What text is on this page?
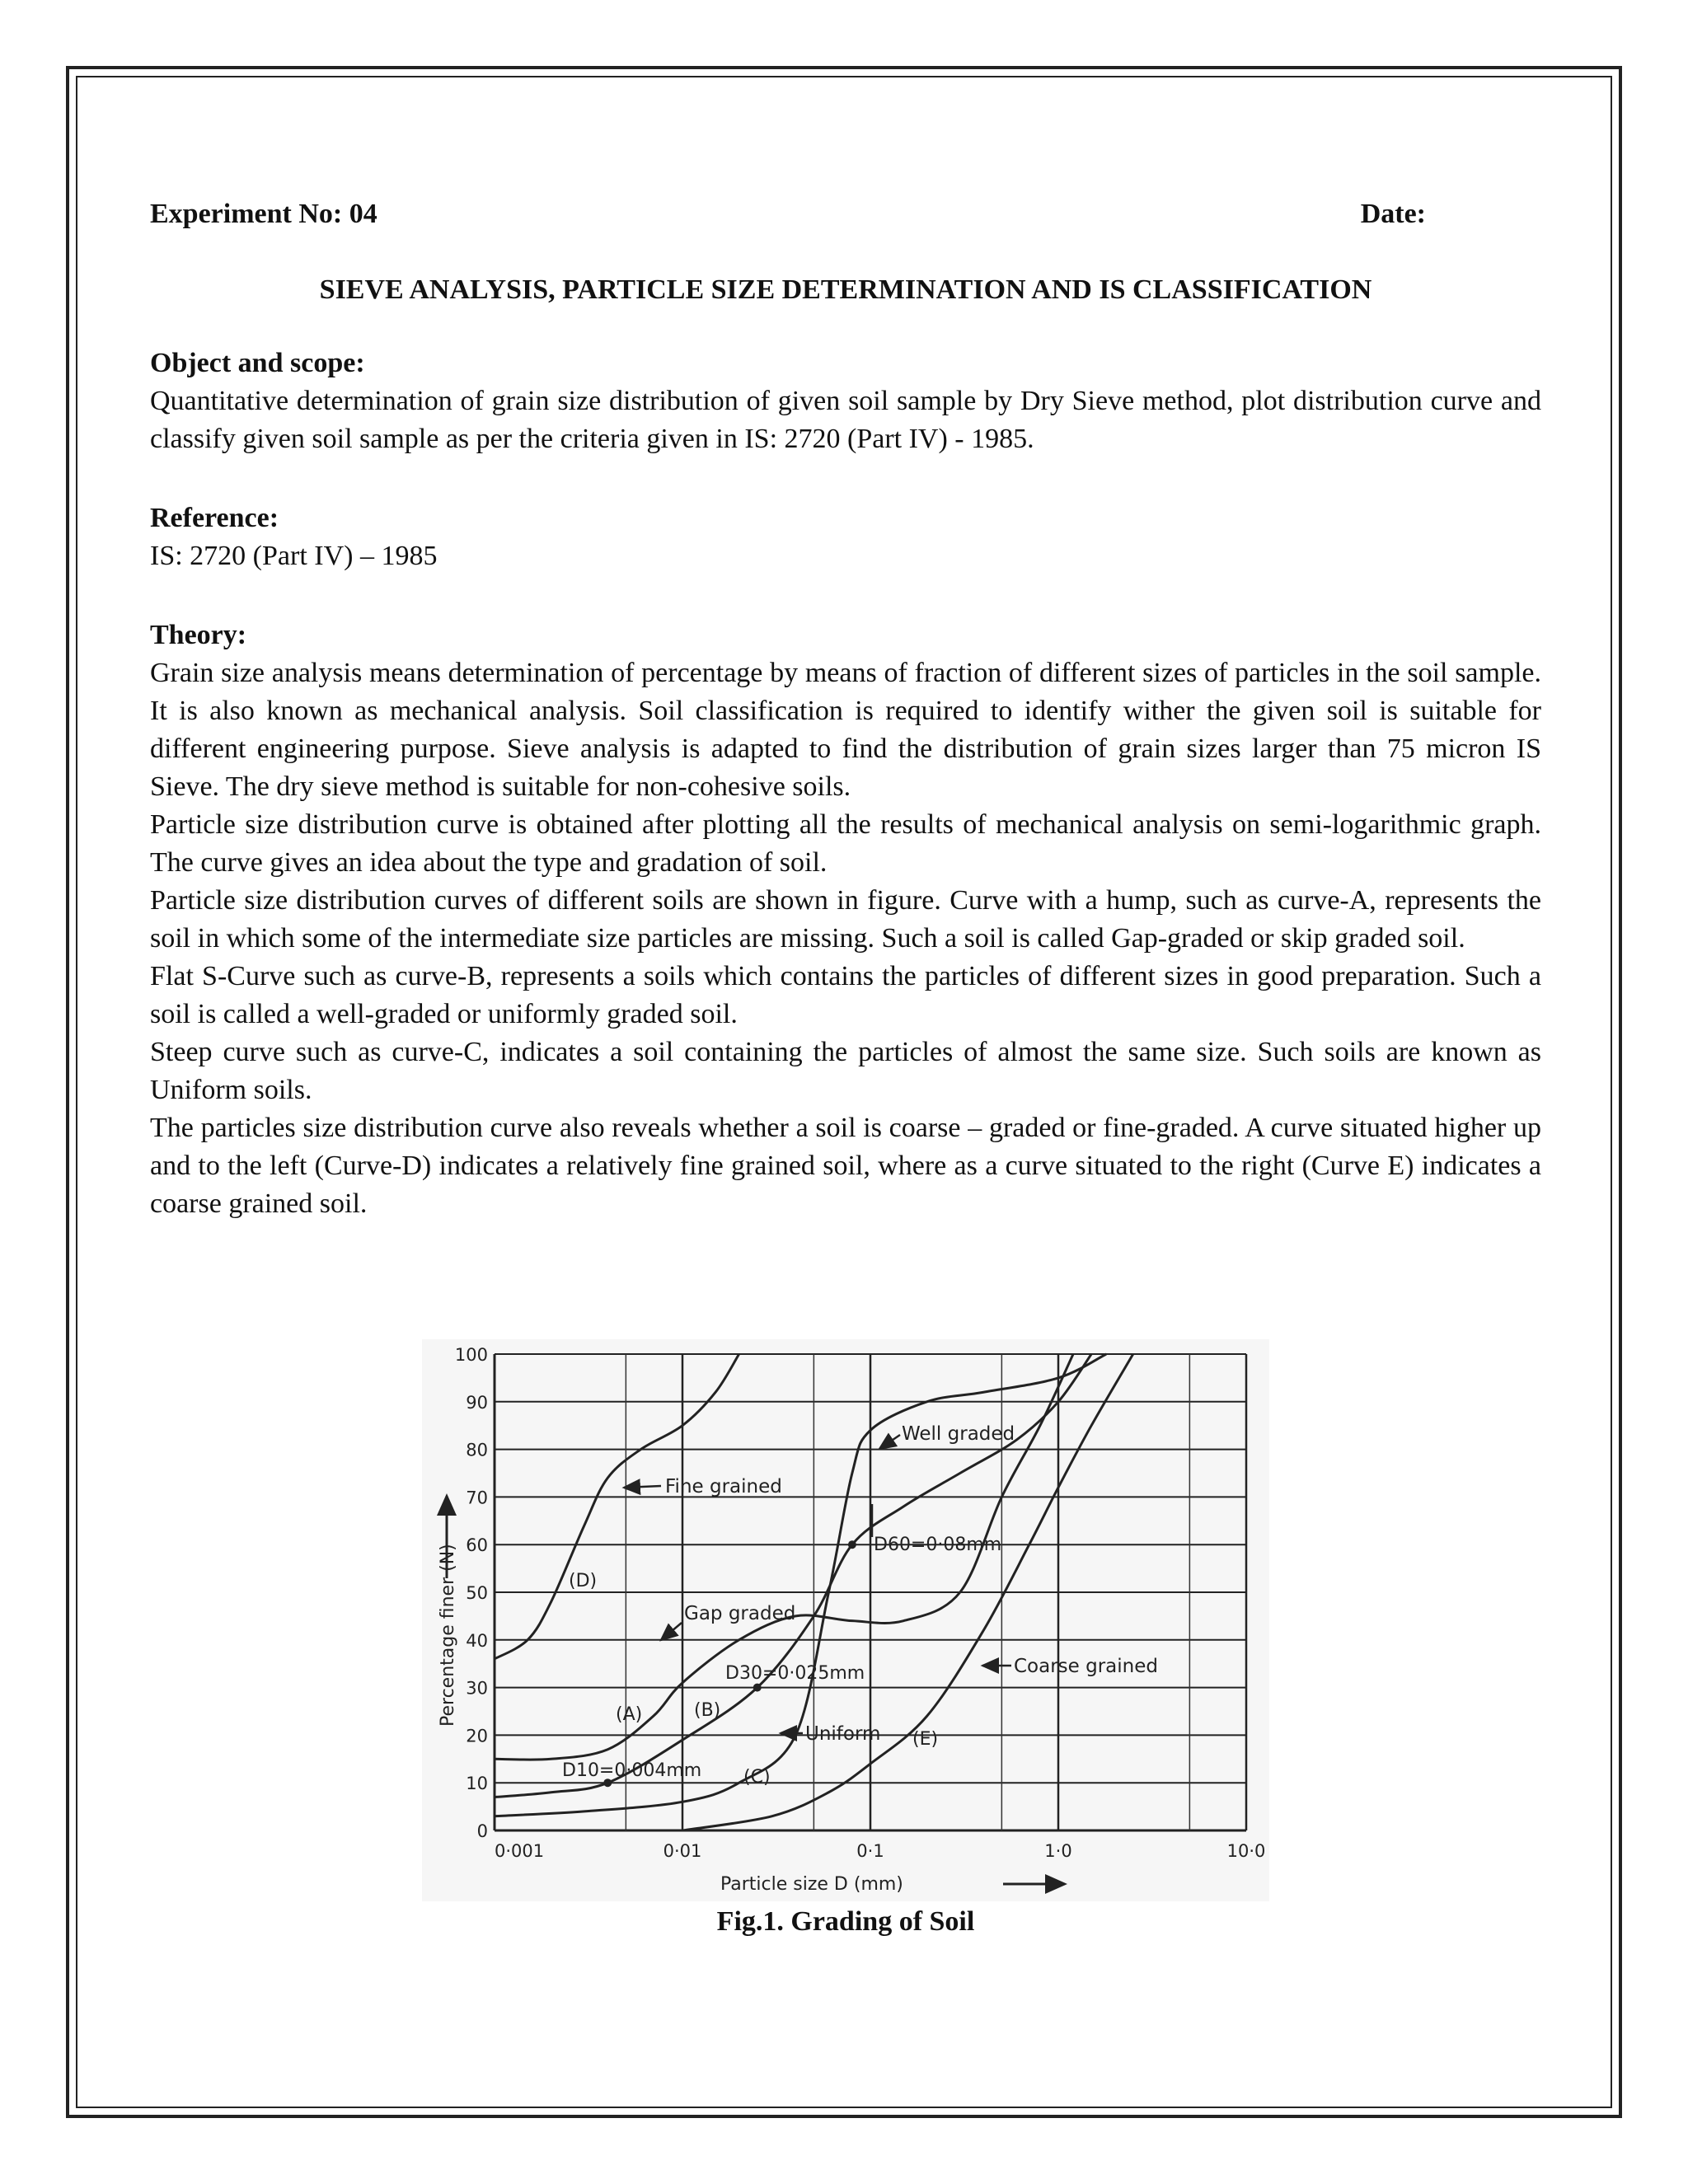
Experiment No: 04	Date:
SIEVE ANALYSIS, PARTICLE SIZE DETERMINATION AND IS CLASSIFICATION
Object and scope:

Quantitative determination of grain size distribution of given soil sample by Dry Sieve method, plot distribution curve and classify given soil sample as per the criteria given in IS: 2720 (Part IV) - 1985.

Reference:

IS: 2720 (Part IV) – 1985

Theory:

Grain size analysis means determination of percentage by means of fraction of different sizes of particles in the soil sample. It is also known as mechanical analysis. Soil classification is required to identify wither the given soil is suitable for different engineering purpose. Sieve analysis is adapted to find the distribution of grain sizes larger than 75 micron IS Sieve. The dry sieve method is suitable for non-cohesive soils.

Particle size distribution curve is obtained after plotting all the results of mechanical analysis on semi-logarithmic graph. The curve gives an idea about the type and gradation of soil.

Particle size distribution curves of different soils are shown in figure. Curve with a hump, such as curve-A, represents the soil in which some of the intermediate size particles are missing. Such a soil is called Gap-graded or skip graded soil.

Flat S-Curve such as curve-B, represents a soils which contains the particles of different sizes in good preparation. Such a soil is called a well-graded or uniformly graded soil.

Steep curve such as curve-C, indicates a soil containing the particles of almost the same size. Such soils are known as Uniform soils.

The particles size distribution curve also reveals whether a soil is coarse – graded or fine-graded. A curve situated higher up and to the left (Curve-D) indicates a relatively fine grained soil, where as a curve situated to the right (Curve E) indicates a coarse grained soil.

0
10
20
30
40
50
60
70
80
90
100
0·001	0·01	0·1	1·0	10·0
Percentage finer (N)
Particle size D (mm)
Fine grained
Well graded
D60=0·08mm
Gap graded
D30=0·025mm	Coarse grained
Uniform
D10=0·004mm
(A)	(B)
(C)
(D)
(E)
Fig.1. Grading of Soil
